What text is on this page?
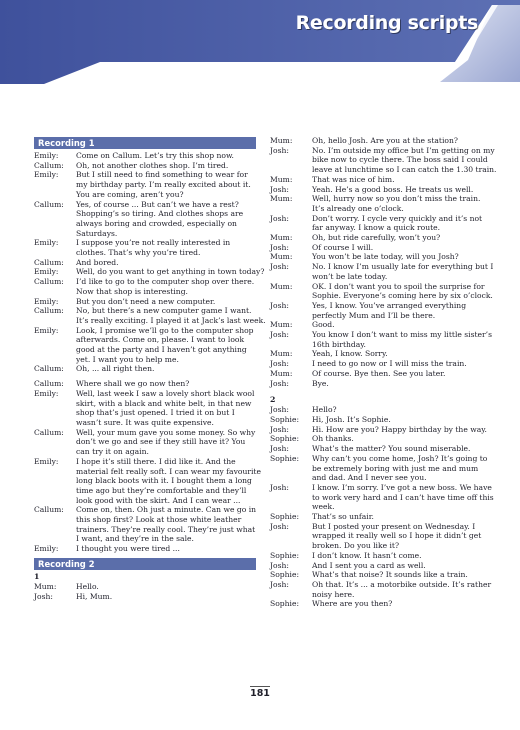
Recording scripts
Recording 1
Emily: Come on Callum. Let’s try this shop now.
Callum: Oh, not another clothes shop. I’m tired.
Emily: But I still need to find something to wear for
my birthday party. I’m really excited about it.
You are coming, aren’t you?
Callum: Yes, of course ... But can’t we have a rest?
Shopping’s so tiring. And clothes shops are
always boring and crowded, especially on
Saturdays.
Emily: I suppose you’re not really interested in
clothes. That’s why you’re tired.
Callum: And bored.
Emily: Well, do you want to get anything in town today?
Callum: I’d like to go to the computer shop over there.
Now that shop is interesting.
Emily: But you don’t need a new computer.
Callum: No, but there’s a new computer game I want.
It’s really exciting. I played it at Jack’s last week.
Emily: Look, I promise we’ll go to the computer shop
afterwards. Come on, please. I want to look
good at the party and I haven’t got anything
yet. I want you to help me.
Callum: Oh, ... all right then.
Callum: Where shall we go now then?
Emily: Well, last week I saw a lovely short black wool
skirt, with a black and white belt, in that new
shop that’s just opened. I tried it on but I
wasn’t sure. It was quite expensive.
Callum: Well, your mum gave you some money. So why
don’t we go and see if they still have it? You
can try it on again.
Emily: I hope it’s still there. I did like it. And the
material felt really soft. I can wear my favourite
long black boots with it. I bought them a long
time ago but they’re comfortable and they’ll
look good with the skirt. And I can wear ...
Callum: Come on, then. Oh just a minute. Can we go in
this shop first? Look at those white leather
trainers. They’re really cool. They’re just what
I want, and they’re in the sale.
Emily: I thought you were tired ...
Recording 2
1
Mum:	Hello.
Josh:	Hi, Mum.
Mum:	Oh, hello Josh. Are you at the station?
Josh:	No. I’m outside my office but I’m getting on my
bike now to cycle there. The boss said I could
leave at lunchtime so I can catch the 1.30 train.
Mum:	That was nice of him.
Josh:	Yeah. He’s a good boss. He treats us well.
Mum:	Well, hurry now so you don’t miss the train.
It’s already one o’clock.
Josh:	Don’t worry. I cycle very quickly and it’s not
far anyway. I know a quick route.
Mum:	Oh, but ride carefully, won’t you?
Josh:	Of course I will.
Mum:	You won’t be late today, will you Josh?
Josh:	No. I know I’m usually late for everything but I
won’t be late today.
Mum:	OK. I don’t want you to spoil the surprise for
Sophie. Everyone’s coming here by six o’clock.
Josh:	Yes, I know. You’ve arranged everything
perfectly Mum and I’ll be there.
Mum:	Good.
Josh:	You know I don’t want to miss my little sister’s
16th birthday.
Mum:	Yeah, I know. Sorry.
Josh:	I need to go now or I will miss the train.
Mum:	Of course. Bye then. See you later.
Josh:	Bye.
2
Josh:	Hello?
Sophie: Hi, Josh. It’s Sophie.
Josh:	Hi. How are you? Happy birthday by the way.
Sophie: Oh thanks.
Josh:	What’s the matter? You sound miserable.
Sophie: Why can’t you come home, Josh? It’s going to
be extremely boring with just me and mum
and dad. And I never see you.
Josh:	I know. I’m sorry. I’ve got a new boss. We have
to work very hard and I can’t have time off this
week.
Sophie: That’s so unfair.
Josh:	But I posted your present on Wednesday. I
wrapped it really well so I hope it didn’t get
broken. Do you like it?
Sophie: I don’t know. It hasn’t come.
Josh:	And I sent you a card as well.
Sophie: What’s that noise? It sounds like a train.
Josh:	Oh that. It’s ... a motorbike outside. It’s rather
noisy here.
Sophie: Where are you then?
181
